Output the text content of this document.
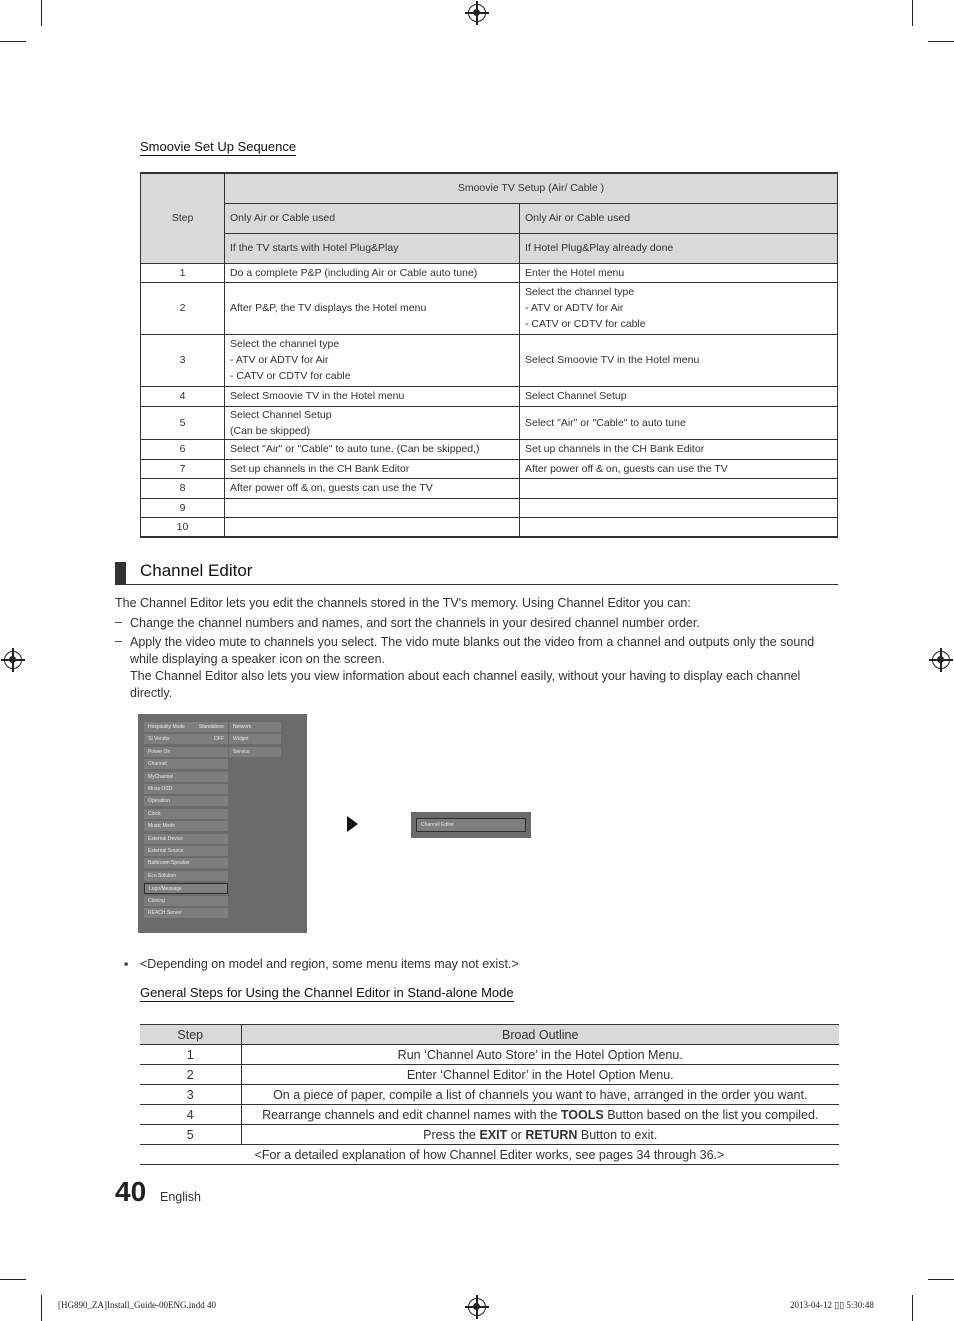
Smoovie Set Up Sequence
Step	Smoovie TV Setup (Air/ Cable )	
	Only Air or Cable used	Only Air or Cable used
	If the TV starts with Hotel Plug&Play	If Hotel Plug&Play already done
1	Do a complete P&P (including Air or Cable auto tune)	Enter the Hotel menu
2	After P&P, the TV displays the Hotel menu	Select the channel type
- ATV or ADTV for Air
- CATV or CDTV for cable
3	Select the channel type
- ATV or ADTV for Air
- CATV or CDTV for cable	Select Smoovie TV in the Hotel menu
4	Select Smoovie TV in the Hotel menu	Select Channel Setup
5	Select Channel Setup
(Can be skipped)	Select "Air" or "Cable" to auto tune
6	Select "Air" or "Cable" to auto tune. (Can be skipped,)	Set up channels in the CH Bank Editor
7	Set up channels in the CH Bank Editor	After power off & on, guests can use the TV
8	After power off & on, guests can use the TV	
9		
10		
Channel Editor
The Channel Editor lets you edit the channels stored in the TV's memory. Using Channel Editor you can:
– Change the channel numbers and names, and sort the channels in your desired channel number order.
– Apply the video mute to channels you select. The vido mute blanks out the video from a channel and outputs only the sound
while displaying a speaker icon on the screen.
The Channel Editor also lets you view information about each channel easily, without your having to display each channel
directly.
Hospitality Mode	Standalone
SI Vendor	OFF
Power On
Channel
MyChannel
Mnss OSD
Operation
Clock
Music Mode
External Device
External Source
Bathroom Speaker
Eco Solution
Logo/Message
Cloning
REACH Server
Network
Widget
Service
Channel Editor
▪ <Depending on model and region, some menu items may not exist.>
General Steps for Using the Channel Editor in Stand-alone Mode
Step	Broad Outline
1	Run ‘Channel Auto Store’ in the Hotel Option Menu.
2	Enter ‘Channel Editor’ in the Hotel Option Menu.
3	On a piece of paper, compile a list of channels you want to have, arranged in the order you want.
4	Rearrange channels and edit channel names with the TOOLS Button based on the list you compiled.
5	Press the EXIT or RETURN Button to exit.
<For a detailed explanation of how Channel Editer works, see pages 34 through 36.>	
40 English
[HG890_ZA]Install_Guide-00ENG.indd 40	2013-04-12 ▯▯ 5:30:48
